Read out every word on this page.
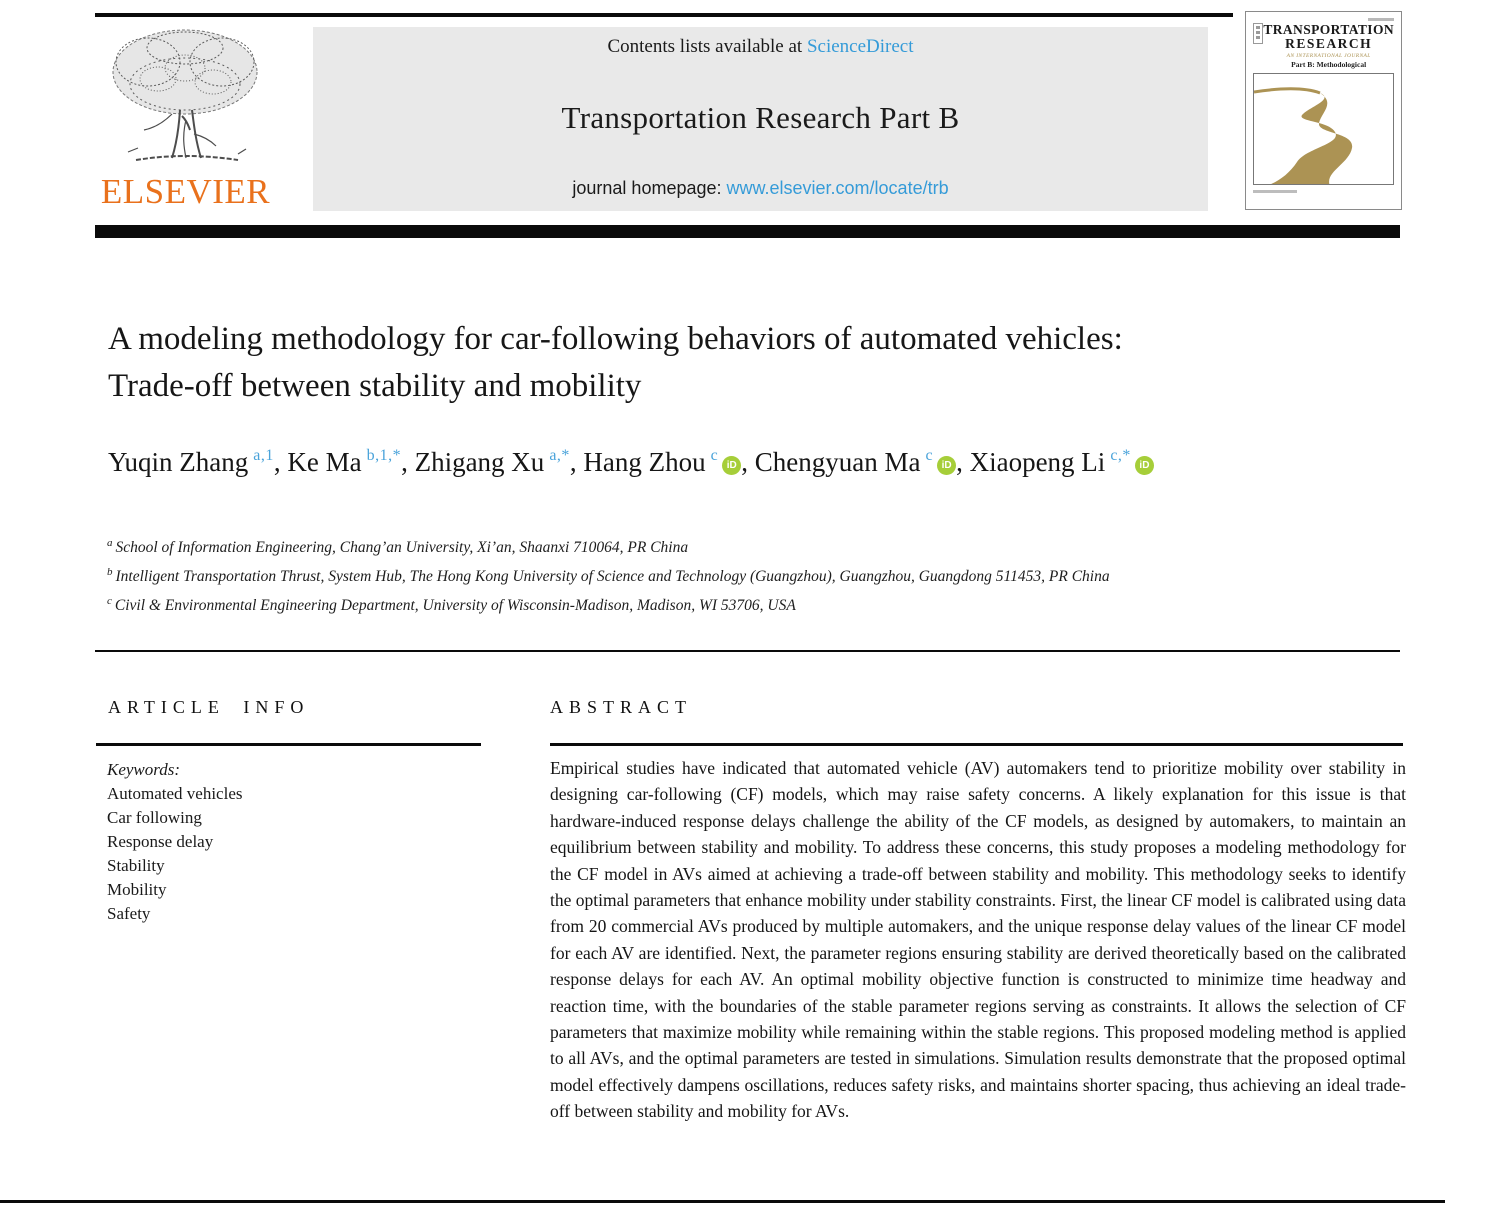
ELSEVIER
Contents lists available at ScienceDirect
Transportation Research Part B
journal homepage: www.elsevier.com/locate/trb
TRANSPORTATION
RESEARCH
AN INTERNATIONAL JOURNAL
Part B: Methodological
A modeling methodology for car-following behaviors of automated vehicles: Trade-off between stability and mobility
Yuqin Zhang $^{a,1}$, Ke Ma $^{b,1,*}$, Zhigang Xu $^{a,*}$, Hang Zhou $^c$iD , Chengyuan Ma $^c$iD , Xiaopeng Li $^{c,*}$iD
$^a$ School of Information Engineering, Chang’an University, Xi’an, Shaanxi 710064, PR China
$^b$ Intelligent Transportation Thrust, System Hub, The Hong Kong University of Science and Technology (Guangzhou), Guangzhou, Guangdong 511453, PR China
$^c$ Civil & Environmental Engineering Department, University of Wisconsin-Madison, Madison, WI 53706, USA
ARTICLE INFO
Keywords:
Automated vehicles
Car following
Response delay
Stability
Mobility
Safety
ABSTRACT
Empirical studies have indicated that automated vehicle (AV) automakers tend to prioritize mobility over stability in designing car-following (CF) models, which may raise safety concerns. A likely explanation for this issue is that hardware-induced response delays challenge the ability of the CF models, as designed by automakers, to maintain an equilibrium between stability and mobility. To address these concerns, this study proposes a modeling methodology for the CF model in AVs aimed at achieving a trade-off between stability and mobility. This methodology seeks to identify the optimal parameters that enhance mobility under stability constraints. First, the linear CF model is calibrated using data from 20 commercial AVs produced by multiple automakers, and the unique response delay values of the linear CF model for each AV are identified. Next, the parameter regions ensuring stability are derived theoretically based on the calibrated response delays for each AV. An optimal mobility objective function is constructed to minimize time headway and reaction time, with the boundaries of the stable parameter regions serving as constraints. It allows the selection of CF parameters that maximize mobility while remaining within the stable regions. This proposed modeling method is applied to all AVs, and the optimal parameters are tested in simulations. Simulation results demonstrate that the proposed optimal model effectively dampens oscillations, reduces safety risks, and maintains shorter spacing, thus achieving an ideal trade-off between stability and mobility for AVs.
